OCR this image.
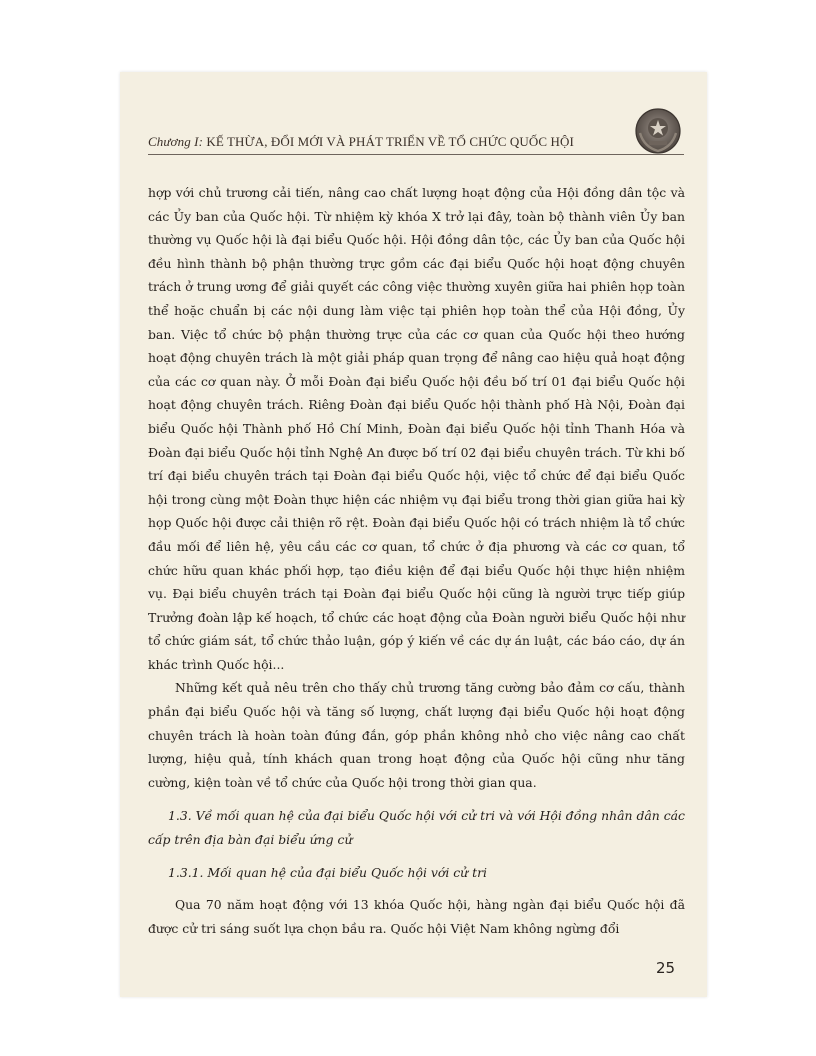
Chương I: KẾ THỪA, ĐỔI MỚI VÀ PHÁT TRIỂN VỀ TỔ CHỨC QUỐC HỘI

hợp với chủ trương cải tiến, nâng cao chất lượng hoạt động của Hội đồng dân tộc và các Ủy ban của Quốc hội. Từ nhiệm kỳ khóa X trở lại đây, toàn bộ thành viên Ủy ban thường vụ Quốc hội là đại biểu Quốc hội. Hội đồng dân tộc, các Ủy ban của Quốc hội đều hình thành bộ phận thường trực gồm các đại biểu Quốc hội hoạt động chuyên trách ở trung ương để giải quyết các công việc thường xuyên giữa hai phiên họp toàn thể hoặc chuẩn bị các nội dung làm việc tại phiên họp toàn thể của Hội đồng, Ủy ban. Việc tổ chức bộ phận thường trực của các cơ quan của Quốc hội theo hướng hoạt động chuyên trách là một giải pháp quan trọng để nâng cao hiệu quả hoạt động của các cơ quan này. Ở mỗi Đoàn đại biểu Quốc hội đều bố trí 01 đại biểu Quốc hội hoạt động chuyên trách. Riêng Đoàn đại biểu Quốc hội thành phố Hà Nội, Đoàn đại biểu Quốc hội Thành phố Hồ Chí Minh, Đoàn đại biểu Quốc hội tỉnh Thanh Hóa và Đoàn đại biểu Quốc hội tỉnh Nghệ An được bố trí 02 đại biểu chuyên trách. Từ khi bố trí đại biểu chuyên trách tại Đoàn đại biểu Quốc hội, việc tổ chức để đại biểu Quốc hội trong cùng một Đoàn thực hiện các nhiệm vụ đại biểu trong thời gian giữa hai kỳ họp Quốc hội được cải thiện rõ rệt. Đoàn đại biểu Quốc hội có trách nhiệm là tổ chức đầu mối để liên hệ, yêu cầu các cơ quan, tổ chức ở địa phương và các cơ quan, tổ chức hữu quan khác phối hợp, tạo điều kiện để đại biểu Quốc hội thực hiện nhiệm vụ. Đại biểu chuyên trách tại Đoàn đại biểu Quốc hội cũng là người trực tiếp giúp Trưởng đoàn lập kế hoạch, tổ chức các hoạt động của Đoàn người biểu Quốc hội như tổ chức giám sát, tổ chức thảo luận, góp ý kiến về các dự án luật, các báo cáo, dự án khác trình Quốc hội...

Những kết quả nêu trên cho thấy chủ trương tăng cường bảo đảm cơ cấu, thành phần đại biểu Quốc hội và tăng số lượng, chất lượng đại biểu Quốc hội hoạt động chuyên trách là hoàn toàn đúng đắn, góp phần không nhỏ cho việc nâng cao chất lượng, hiệu quả, tính khách quan trong hoạt động của Quốc hội cũng như tăng cường, kiện toàn về tổ chức của Quốc hội trong thời gian qua.

1.3. Về mối quan hệ của đại biểu Quốc hội với cử tri và với Hội đồng nhân dân các cấp trên địa bàn đại biểu ứng cử

1.3.1. Mối quan hệ của đại biểu Quốc hội với cử tri

Qua 70 năm hoạt động với 13 khóa Quốc hội, hàng ngàn đại biểu Quốc hội đã được cử tri sáng suốt lựa chọn bầu ra. Quốc hội Việt Nam không ngừng đổi

25
